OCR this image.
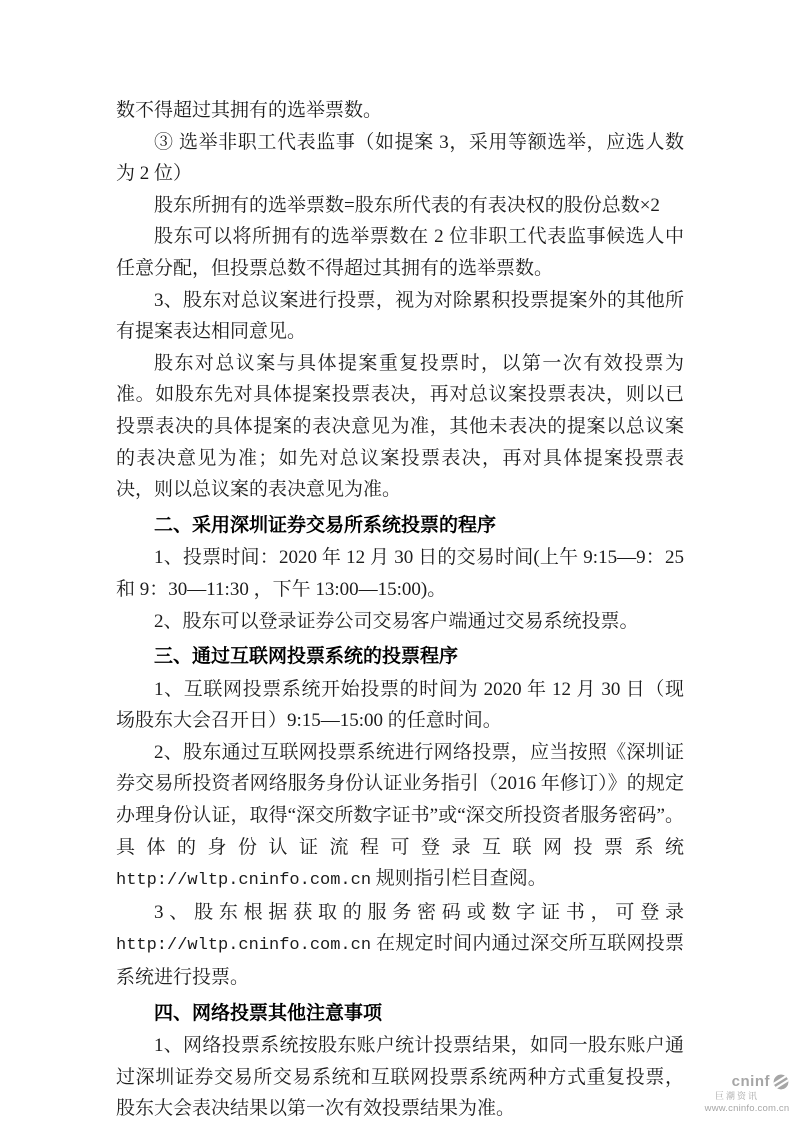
数不得超过其拥有的选举票数。

③ 选举非职工代表监事（如提案 3，采用等额选举，应选人数为 2 位）

股东所拥有的选举票数=股东所代表的有表决权的股份总数×2

股东可以将所拥有的选举票数在 2 位非职工代表监事候选人中任意分配，但投票总数不得超过其拥有的选举票数。

3、股东对总议案进行投票，视为对除累积投票提案外的其他所有提案表达相同意见。

股东对总议案与具体提案重复投票时，以第一次有效投票为准。如股东先对具体提案投票表决，再对总议案投票表决，则以已投票表决的具体提案的表决意见为准，其他未表决的提案以总议案的表决意见为准；如先对总议案投票表决，再对具体提案投票表决，则以总议案的表决意见为准。

二、采用深圳证券交易所系统投票的程序

1、投票时间：2020 年 12 月 30 日的交易时间(上午 9:15—9：25 和 9：30—11:30 ，下午 13:00—15:00)。

2、股东可以登录证券公司交易客户端通过交易系统投票。

三、通过互联网投票系统的投票程序

1、互联网投票系统开始投票的时间为 2020 年 12 月 30 日（现场股东大会召开日）9:15—15:00 的任意时间。

2、股东通过互联网投票系统进行网络投票，应当按照《深圳证券交易所投资者网络服务身份认证业务指引（2016 年修订）》的规定办理身份认证，取得“深交所数字证书”或“深交所投资者服务密码”。具体的身份认证流程可登录互联网投票系统 http://wltp.cninfo.com.cn 规则指引栏目查阅。

3、股东根据获取的服务密码或数字证书，可登录 http://wltp.cninfo.com.cn 在规定时间内通过深交所互联网投票系统进行投票。

四、网络投票其他注意事项

1、网络投票系统按股东账户统计投票结果，如同一股东账户通过深圳证券交易所交易系统和互联网投票系统两种方式重复投票，股东大会表决结果以第一次有效投票结果为准。

cninf
巨潮资讯
www.cninfo.com.cn
